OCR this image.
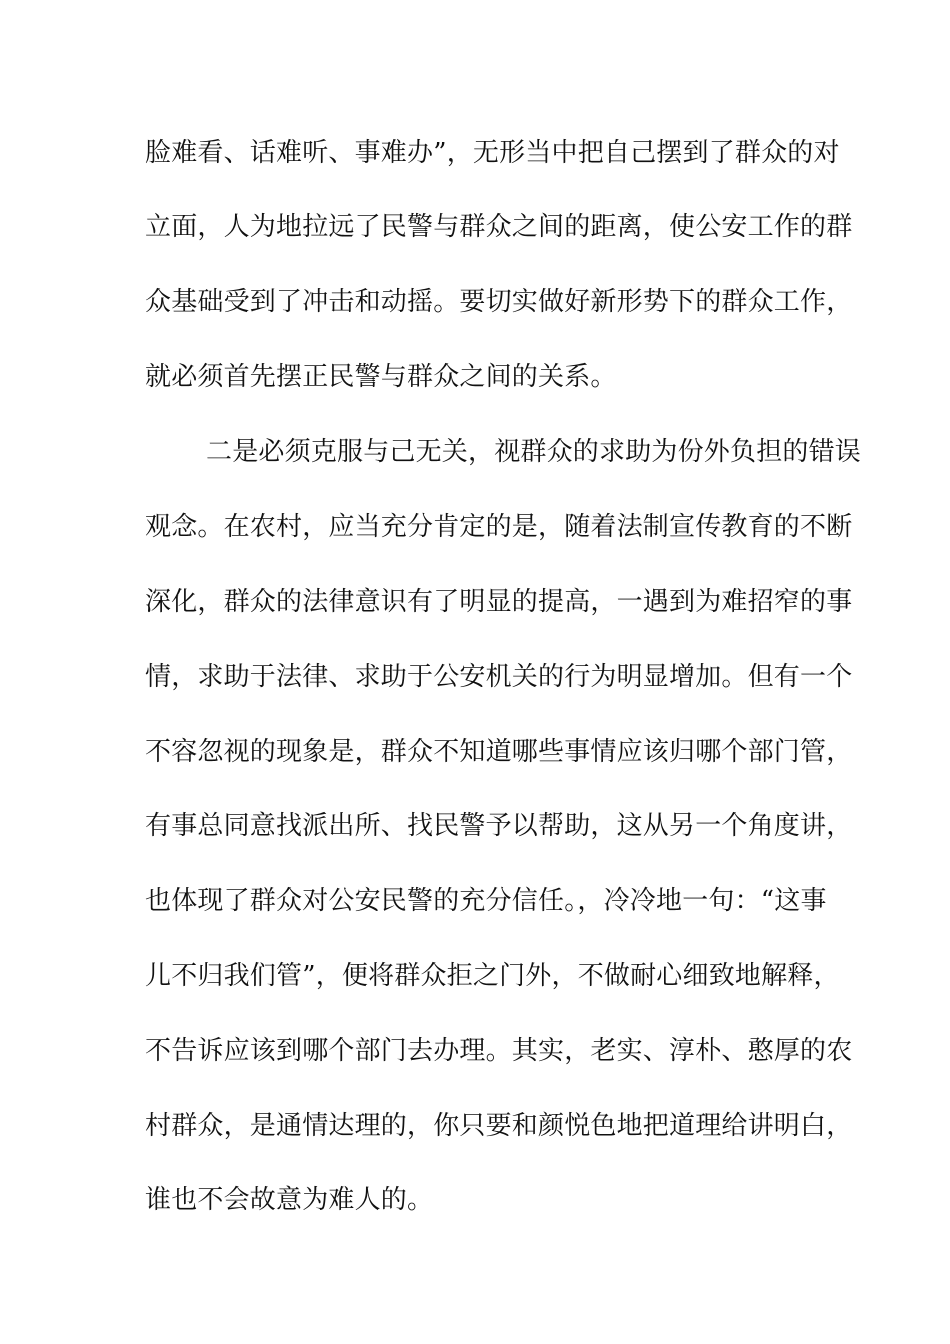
脸难看、话难听、事难办”，无形当中把自己摆到了群众的对
立面，人为地拉远了民警与群众之间的距离，使公安工作的群
众基础受到了冲击和动摇。要切实做好新形势下的群众工作，
就必须首先摆正民警与群众之间的关系。
二是必须克服与己无关，视群众的求助为份外负担的错误
观念。在农村，应当充分肯定的是，随着法制宣传教育的不断
深化，群众的法律意识有了明显的提高，一遇到为难招窄的事
情，求助于法律、求助于公安机关的行为明显增加。但有一个
不容忽视的现象是，群众不知道哪些事情应该归哪个部门管，
有事总同意找派出所、找民警予以帮助，这从另一个角度讲，
也体现了群众对公安民警的充分信任。，冷冷地一句：“这事
儿不归我们管”，便将群众拒之门外，不做耐心细致地解释，
不告诉应该到哪个部门去办理。其实，老实、淳朴、憨厚的农
村群众，是通情达理的，你只要和颜悦色地把道理给讲明白，
谁也不会故意为难人的。
